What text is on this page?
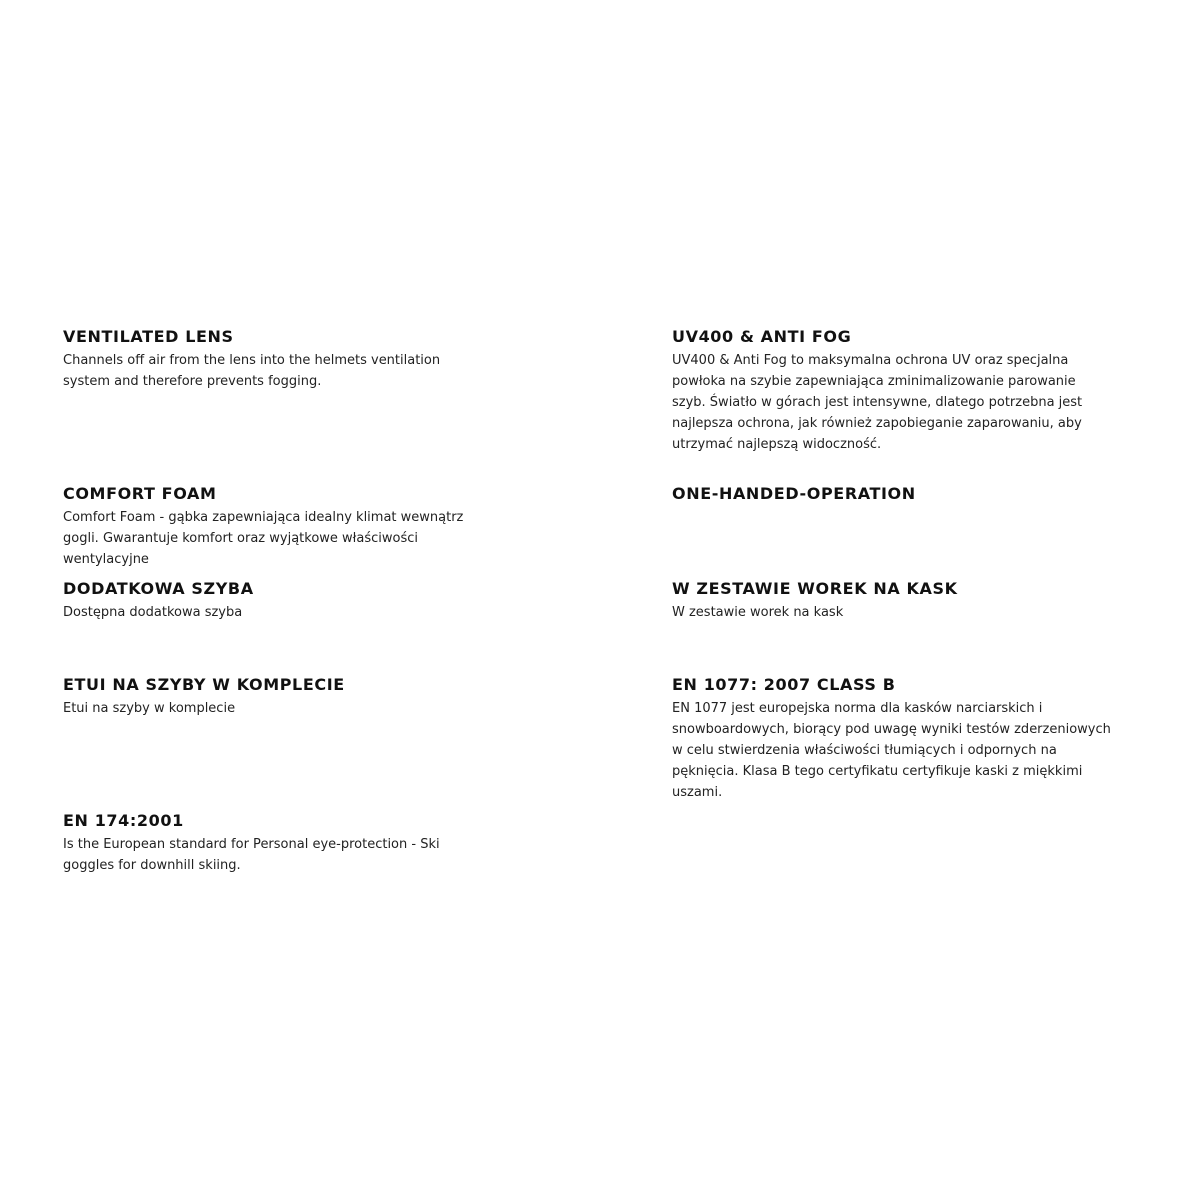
VENTILATED LENS

Channels off air from the lens into the helmets ventilation system and therefore prevents fogging.

COMFORT FOAM

Comfort Foam - gąbka zapewniająca idealny klimat wewnątrz gogli. Gwarantuje komfort oraz wyjątkowe właściwości wentylacyjne

DODATKOWA SZYBA

Dostępna dodatkowa szyba

ETUI NA SZYBY W KOMPLECIE

Etui na szyby w komplecie

EN 174:2001

Is the European standard for Personal eye-protection - Ski goggles for downhill skiing.

UV400 & ANTI FOG

UV400 & Anti Fog to maksymalna ochrona UV oraz specjalna powłoka na szybie zapewniająca zminimalizowanie parowanie szyb. Światło w górach jest intensywne, dlatego potrzebna jest najlepsza ochrona, jak również zapobieganie zaparowaniu, aby utrzymać najlepszą widoczność.

ONE-HANDED-OPERATION

W ZESTAWIE WOREK NA KASK

W zestawie worek na kask

EN 1077: 2007 CLASS B

EN 1077 jest europejska norma dla kasków narciarskich i snowboardowych, biorący pod uwagę wyniki testów zderzeniowych w celu stwierdzenia właściwości tłumiących i odpornych na pęknięcia. Klasa B tego certyfikatu certyfikuje kaski z miękkimi uszami.
